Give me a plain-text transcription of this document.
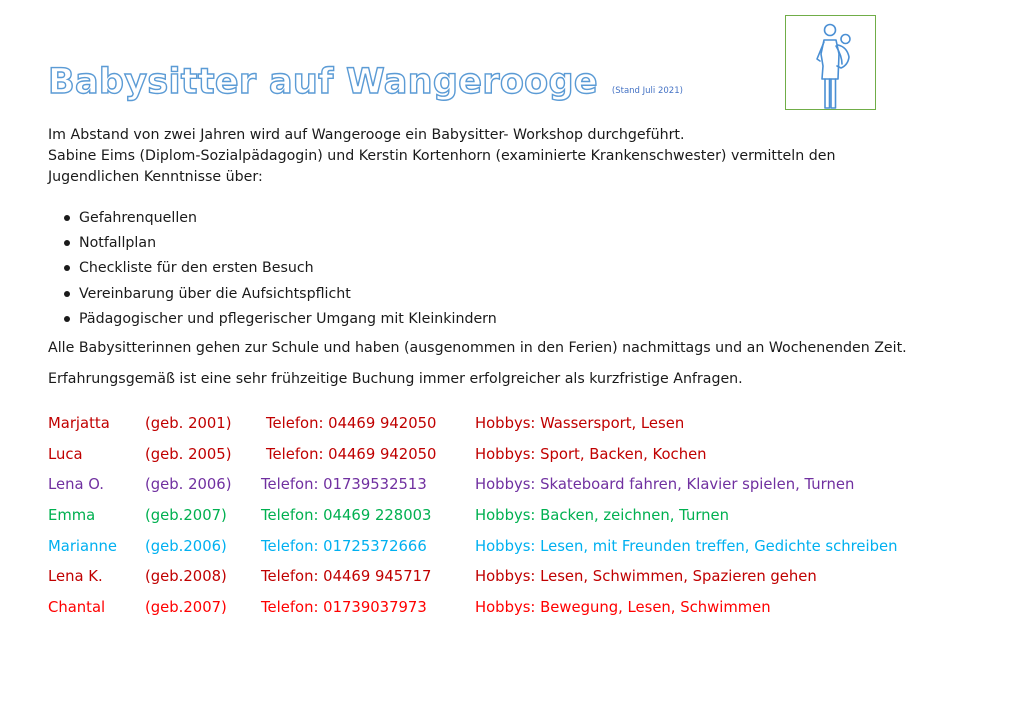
Babysitter auf Wangerooge (Stand Juli 2021)
Im Abstand von zwei Jahren wird auf Wangerooge ein Babysitter- Workshop durchgeführt.
Sabine Eims (Diplom-Sozialpädagogin) und Kerstin Kortenhorn (examinierte Krankenschwester) vermitteln den
Jugendlichen Kenntnisse über:
Gefahrenquellen
Notfallplan
Checkliste für den ersten Besuch
Vereinbarung über die Aufsichtspflicht
Pädagogischer und pflegerischer Umgang mit Kleinkindern

Alle Babysitterinnen gehen zur Schule und haben (ausgenommen in den Ferien) nachmittags und an Wochenenden Zeit.

Erfahrungsgemäß ist eine sehr frühzeitige Buchung immer erfolgreicher als kurzfristige Anfragen.

Marjatta (geb. 2001) Telefon: 04469 942050	Hobbys: Wassersport, Lesen
Luca	(geb. 2005) Telefon: 04469 942050	Hobbys: Sport, Backen, Kochen
Lena O.	(geb. 2006) Telefon: 01739532513	Hobbys: Skateboard fahren, Klavier spielen, Turnen
Emma	(geb.2007) Telefon: 04469 228003	Hobbys: Backen, zeichnen, Turnen
Marianne (geb.2006) Telefon: 01725372666	Hobbys: Lesen, mit Freunden treffen, Gedichte schreiben
Lena K.	(geb.2008) Telefon: 04469 945717	Hobbys: Lesen, Schwimmen, Spazieren gehen
Chantal	(geb.2007) Telefon: 01739037973	Hobbys: Bewegung, Lesen, Schwimmen
